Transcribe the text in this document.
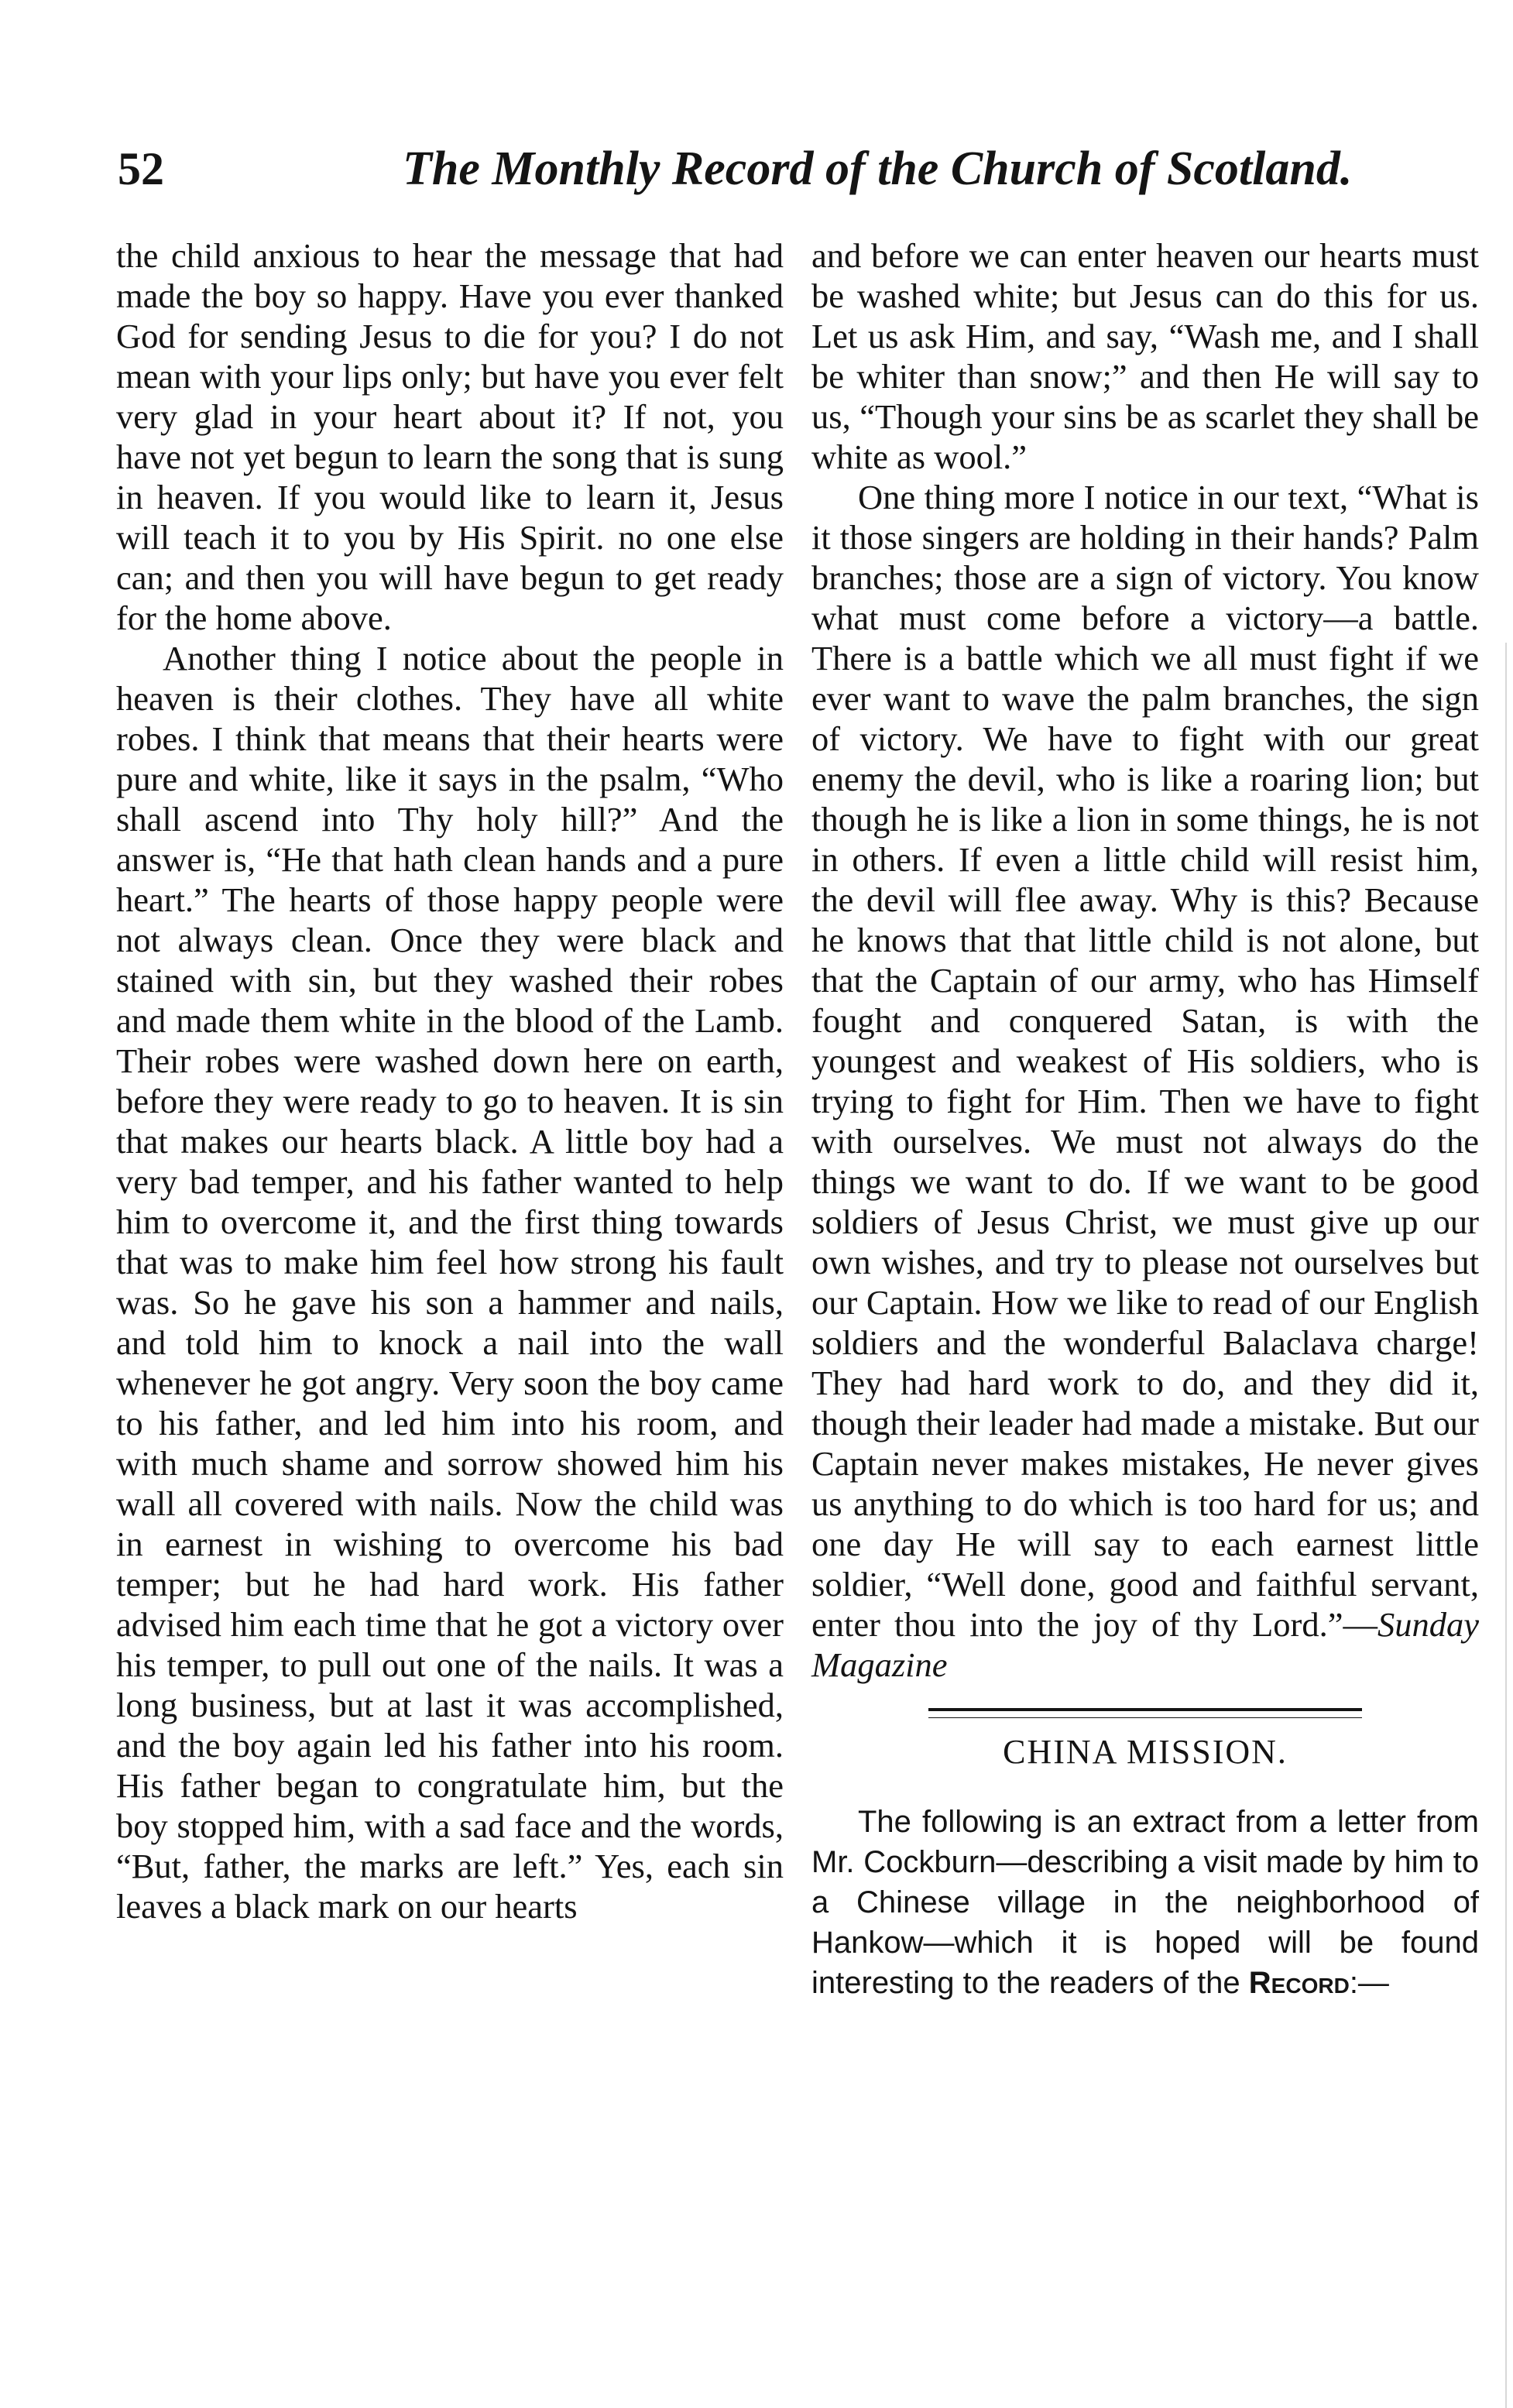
52	The Monthly Record of the Church of Scotland.

the child anxious to hear the message that had made the boy so happy. Have you ever thanked God for sending Jesus to die for you? I do not mean with your lips only; but have you ever felt very glad in your heart about it? If not, you have not yet begun to learn the song that is sung in heaven. If you would like to learn it, Jesus will teach it to you by His Spirit. no one else can; and then you will have begun to get ready for the home above.

Another thing I notice about the people in heaven is their clothes. They have all white robes. I think that means that their hearts were pure and white, like it says in the psalm, “Who shall ascend into Thy holy hill?” And the answer is, “He that hath clean hands and a pure heart.” The hearts of those happy people were not always clean. Once they were black and stained with sin, but they washed their robes and made them white in the blood of the Lamb. Their robes were washed down here on earth, before they were ready to go to heaven. It is sin that makes our hearts black. A little boy had a very bad temper, and his father wanted to help him to overcome it, and the first thing towards that was to make him feel how strong his fault was. So he gave his son a hammer and nails, and told him to knock a nail into the wall whenever he got angry. Very soon the boy came to his father, and led him into his room, and with much shame and sorrow showed him his wall all covered with nails. Now the child was in earnest in wishing to overcome his bad temper; but he had hard work. His father advised him each time that he got a victory over his temper, to pull out one of the nails. It was a long business, but at last it was accomplished, and the boy again led his father into his room. His father began to congratulate him, but the boy stopped him, with a sad face and the words, “But, father, the marks are left.” Yes, each sin leaves a black mark on our hearts

and before we can enter heaven our hearts must be washed white; but Jesus can do this for us. Let us ask Him, and say, “Wash me, and I shall be whiter than snow;” and then He will say to us, “Though your sins be as scarlet they shall be white as wool.”

One thing more I notice in our text, “What is it those singers are holding in their hands? Palm branches; those are a sign of victory. You know what must come before a victory—a battle. There is a battle which we all must fight if we ever want to wave the palm branches, the sign of victory. We have to fight with our great enemy the devil, who is like a roaring lion; but though he is like a lion in some things, he is not in others. If even a little child will resist him, the devil will flee away. Why is this? Because he knows that that little child is not alone, but that the Captain of our army, who has Himself fought and conquered Satan, is with the youngest and weakest of His soldiers, who is trying to fight for Him. Then we have to fight with ourselves. We must not always do the things we want to do. If we want to be good soldiers of Jesus Christ, we must give up our own wishes, and try to please not ourselves but our Captain. How we like to read of our English soldiers and the wonderful Balaclava charge! They had hard work to do, and they did it, though their leader had made a mistake. But our Captain never makes mistakes, He never gives us anything to do which is too hard for us; and one day He will say to each earnest little soldier, “Well done, good and faithful servant, enter thou into the joy of thy Lord.”—Sunday Magazine

CHINA MISSION.

The following is an extract from a letter from Mr. Cockburn—describing a visit made by him to a Chinese village in the neighborhood of Hankow—which it is hoped will be found interesting to the readers of the Record:—
